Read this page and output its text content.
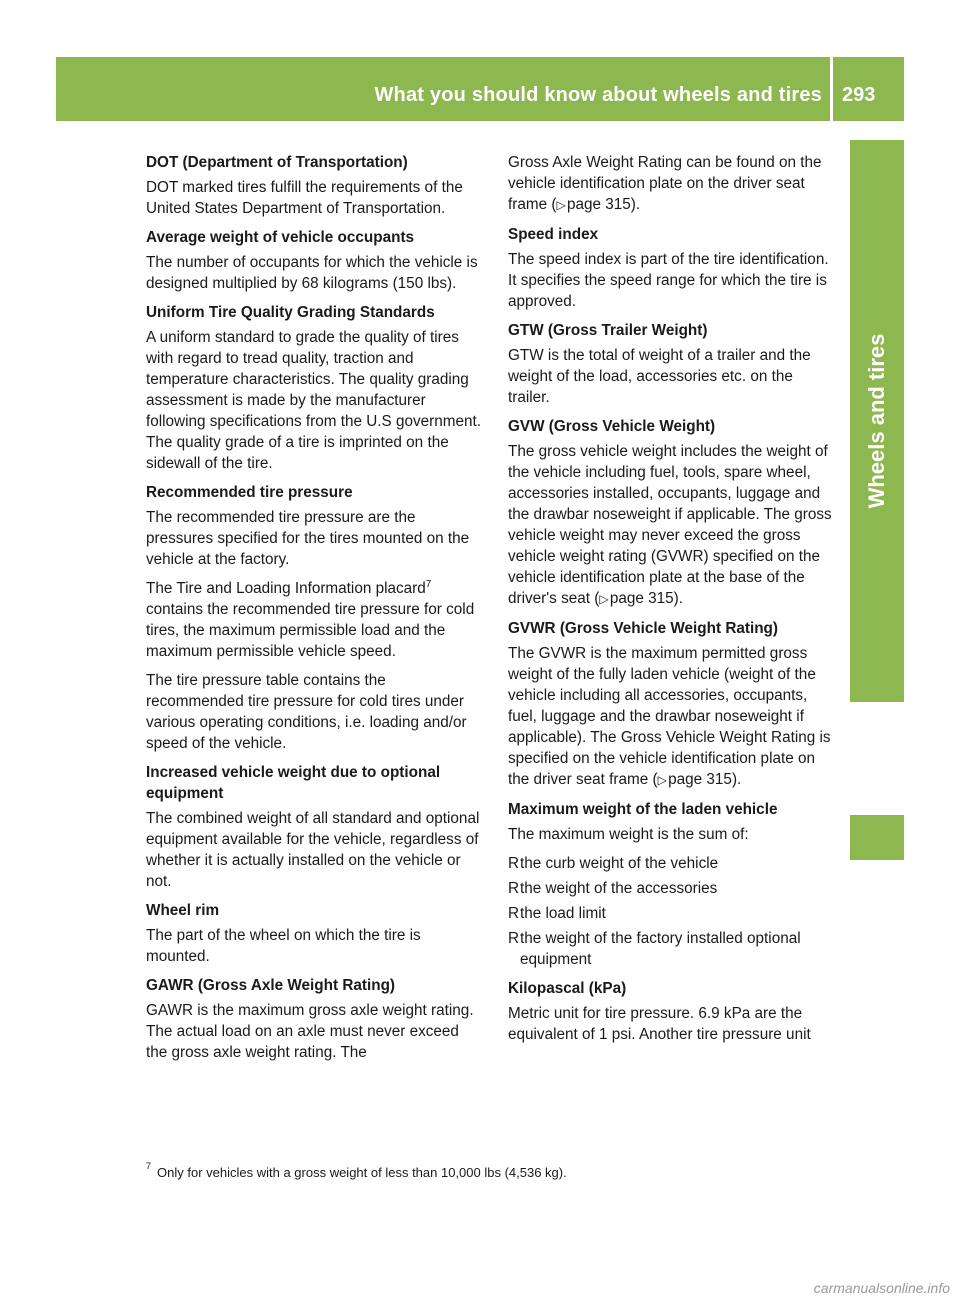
What you should know about wheels and tires 293
Wheels and tires
DOT (Department of Transportation)

DOT marked tires fulfill the requirements of the United States Department of Transportation.

Average weight of vehicle occupants

The number of occupants for which the vehicle is designed multiplied by 68 kilograms (150 lbs).

Uniform Tire Quality Grading Standards

A uniform standard to grade the quality of tires with regard to tread quality, traction and temperature characteristics. The quality grading assessment is made by the manufacturer following specifications from the U.S government. The quality grade of a tire is imprinted on the sidewall of the tire.

Recommended tire pressure

The recommended tire pressure are the pressures specified for the tires mounted on the vehicle at the factory.

The Tire and Loading Information placard$^7$ contains the recommended tire pressure for cold tires, the maximum permissible load and the maximum permissible vehicle speed.

The tire pressure table contains the recommended tire pressure for cold tires under various operating conditions, i.e. loading and/or speed of the vehicle.

Increased vehicle weight due to optional equipment

The combined weight of all standard and optional equipment available for the vehicle, regardless of whether it is actually installed on the vehicle or not.

Wheel rim

The part of the wheel on which the tire is mounted.

GAWR (Gross Axle Weight Rating)

GAWR is the maximum gross axle weight rating. The actual load on an axle must never exceed the gross axle weight rating. The

Gross Axle Weight Rating can be found on the vehicle identification plate on the driver seat frame (▷ page 315).

Speed index

The speed index is part of the tire identification. It specifies the speed range for which the tire is approved.

GTW (Gross Trailer Weight)

GTW is the total of weight of a trailer and the weight of the load, accessories etc. on the trailer.

GVW (Gross Vehicle Weight)

The gross vehicle weight includes the weight of the vehicle including fuel, tools, spare wheel, accessories installed, occupants, luggage and the drawbar noseweight if applicable. The gross vehicle weight may never exceed the gross vehicle weight rating (GVWR) specified on the vehicle identification plate at the base of the driver's seat (▷ page 315).

GVWR (Gross Vehicle Weight Rating)

The GVWR is the maximum permitted gross weight of the fully laden vehicle (weight of the vehicle including all accessories, occupants, fuel, luggage and the drawbar noseweight if applicable). The Gross Vehicle Weight Rating is specified on the vehicle identification plate on the driver seat frame (▷ page 315).

Maximum weight of the laden vehicle

The maximum weight is the sum of:

R the curb weight of the vehicle
R the weight of the accessories
R the load limit
R the weight of the factory installed optional equipment
Kilopascal (kPa)

Metric unit for tire pressure. 6.9 kPa are the equivalent of 1 psi. Another tire pressure unit

$^7$ Only for vehicles with a gross weight of less than 10,000 lbs (4,536 kg).
carmanualsonline.info
